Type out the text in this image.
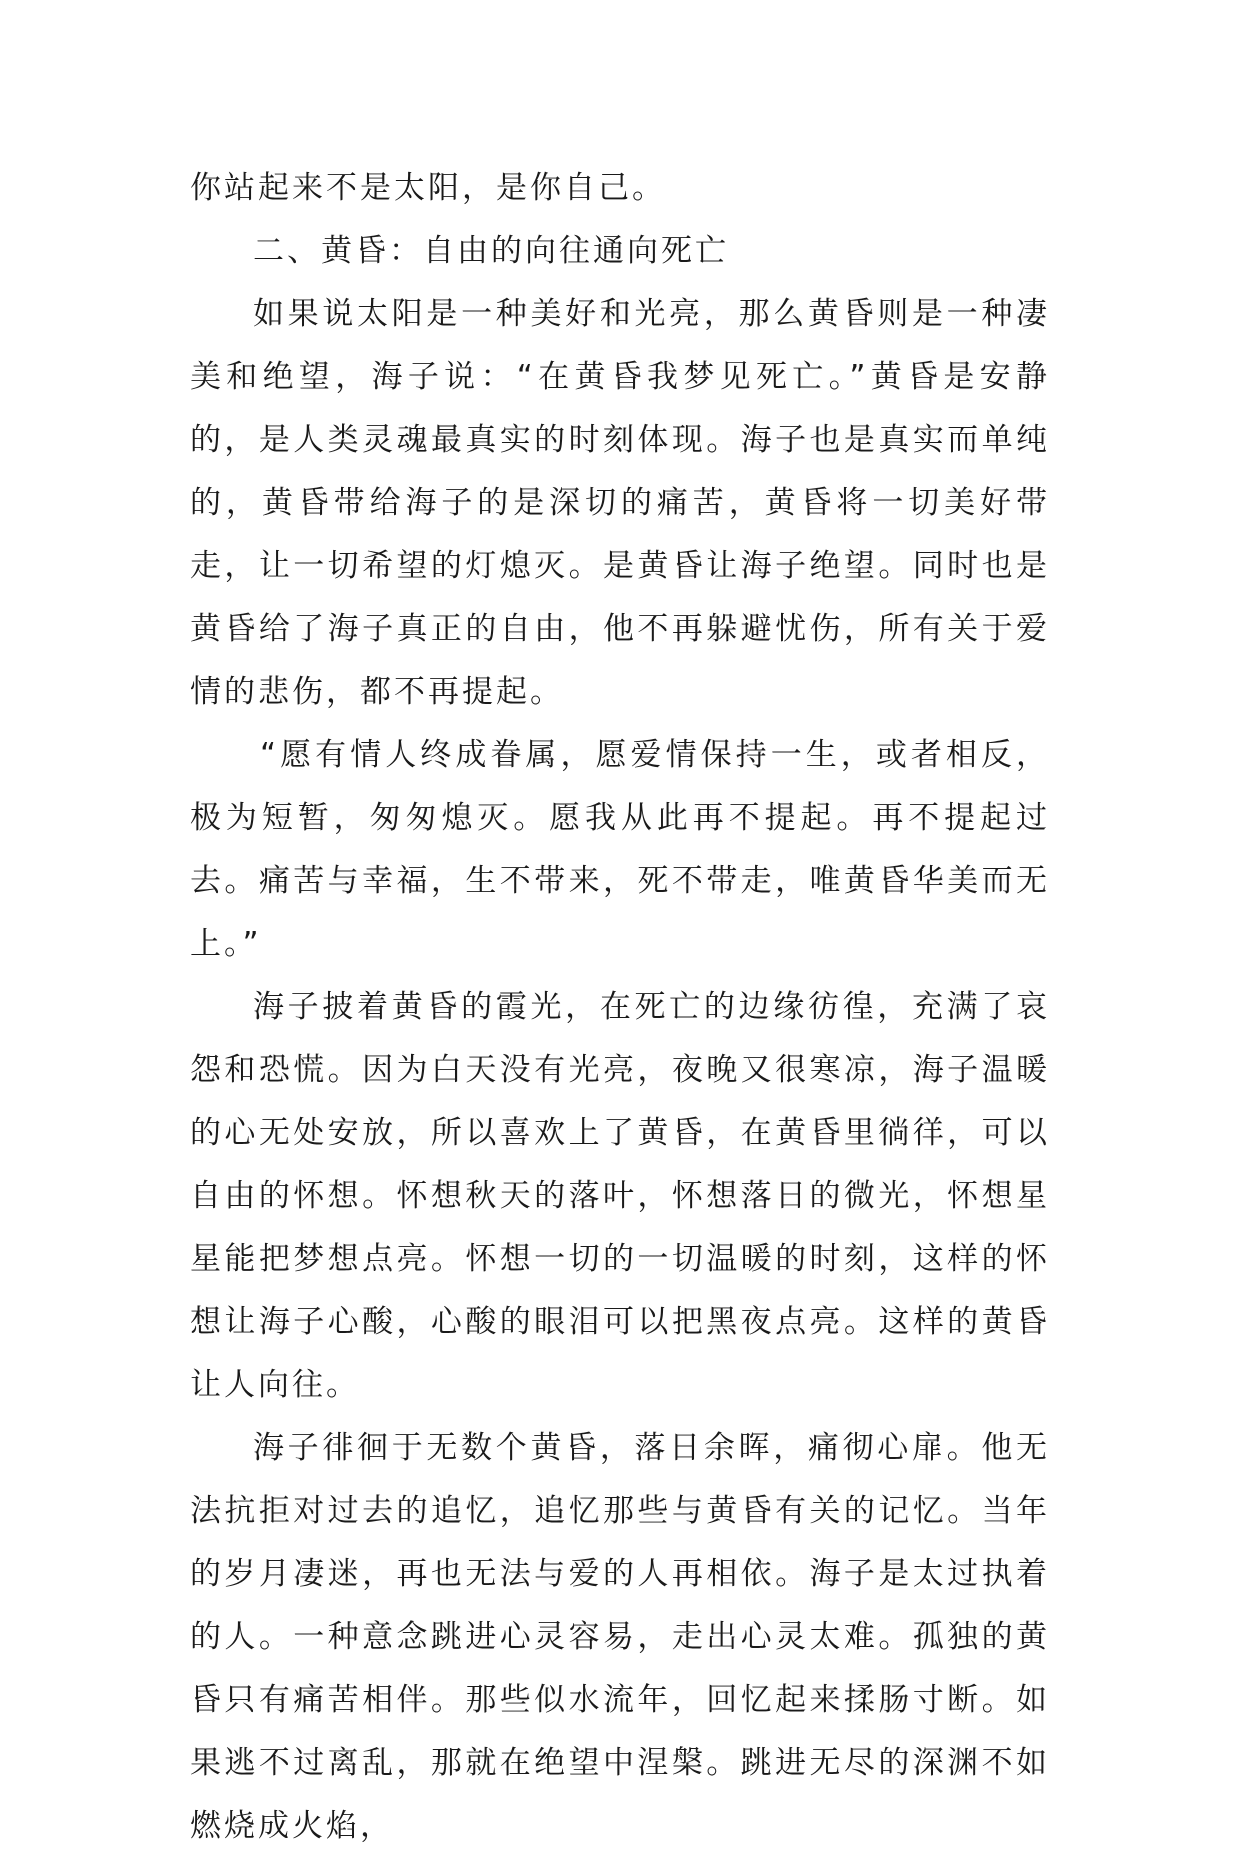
你站起来不是太阳，是你自己。

二、黄昏：自由的向往通向死亡

如果说太阳是一种美好和光亮，那么黄昏则是一种凄美和绝望，海子说：“在黄昏我梦见死亡。”黄昏是安静的，是人类灵魂最真实的时刻体现。海子也是真实而单纯的，黄昏带给海子的是深切的痛苦，黄昏将一切美好带走，让一切希望的灯熄灭。是黄昏让海子绝望。同时也是黄昏给了海子真正的自由，他不再躲避忧伤，所有关于爱情的悲伤，都不再提起。

“愿有情人终成眷属，愿爱情保持一生，或者相反，极为短暂，匆匆熄灭。愿我从此再不提起。再不提起过去。痛苦与幸福，生不带来，死不带走，唯黄昏华美而无上。”

海子披着黄昏的霞光，在死亡的边缘彷徨，充满了哀怨和恐慌。因为白天没有光亮，夜晚又很寒凉，海子温暖的心无处安放，所以喜欢上了黄昏，在黄昏里徜徉，可以自由的怀想。怀想秋天的落叶，怀想落日的微光，怀想星星能把梦想点亮。怀想一切的一切温暖的时刻，这样的怀想让海子心酸，心酸的眼泪可以把黑夜点亮。这样的黄昏让人向往。

海子徘徊于无数个黄昏，落日余晖，痛彻心扉。他无法抗拒对过去的追忆，追忆那些与黄昏有关的记忆。当年的岁月凄迷，再也无法与爱的人再相依。海子是太过执着的人。一种意念跳进心灵容易，走出心灵太难。孤独的黄昏只有痛苦相伴。那些似水流年，回忆起来揉肠寸断。如果逃不过离乱，那就在绝望中涅槃。跳进无尽的深渊不如燃烧成火焰，
